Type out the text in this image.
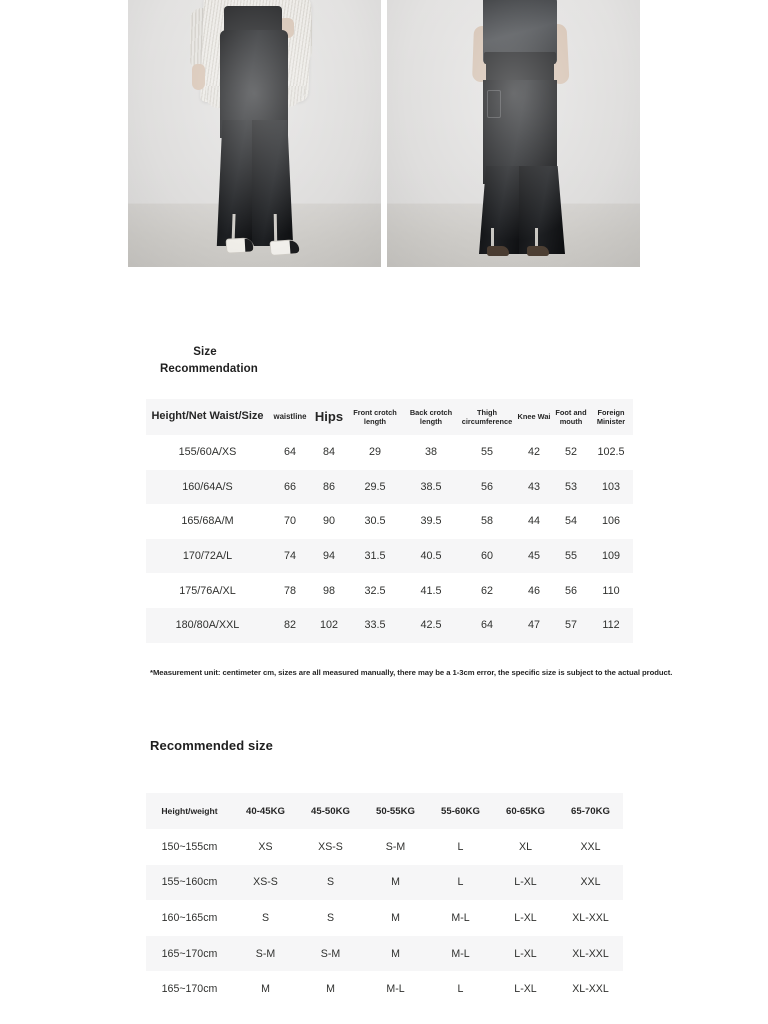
Size
Recommendation
Height/Net Waist/Size	waistline	Hips	Front crotch length	Back crotch length	Thigh circumference	Knee Wai	Foot and mouth	Foreign Minister
155/60A/XS	64	84	29	38	55	42	52	102.5
160/64A/S	66	86	29.5	38.5	56	43	53	103
165/68A/M	70	90	30.5	39.5	58	44	54	106
170/72A/L	74	94	31.5	40.5	60	45	55	109
175/76A/XL	78	98	32.5	41.5	62	46	56	110
180/80A/XXL	82	102	33.5	42.5	64	47	57	112
*Measurement unit: centimeter cm, sizes are all measured manually, there may be a 1-3cm error, the specific size is subject to the actual product.
Recommended size
Height/weight	40-45KG	45-50KG	50-55KG	55-60KG	60-65KG	65-70KG
150~155cm	XS	XS-S	S-M	L	XL	XXL
155~160cm	XS-S	S	M	L	L-XL	XXL
160~165cm	S	S	M	M-L	L-XL	XL-XXL
165~170cm	S-M	S-M	M	M-L	L-XL	XL-XXL
165~170cm	M	M	M-L	L	L-XL	XL-XXL
